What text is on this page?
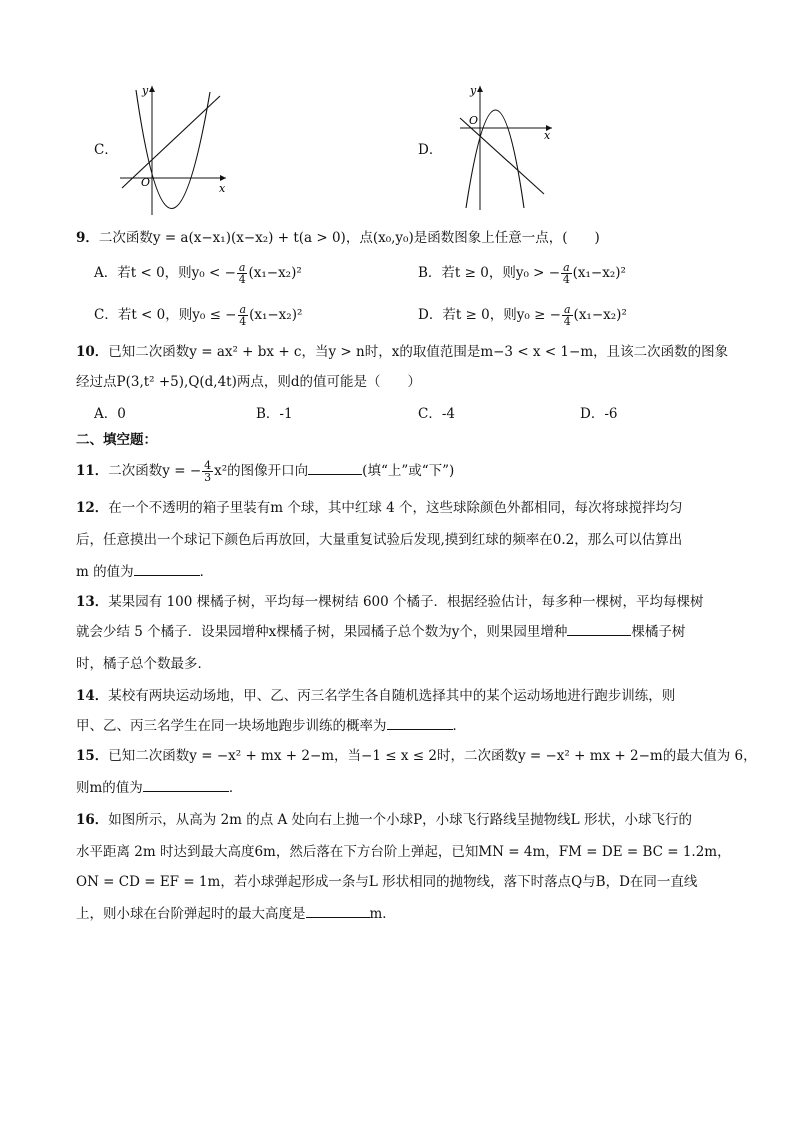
C．
x
y
O
D．
x
y
O
9．二次函数y = a(x−x₁)(x−x₂) + t(a > 0)，点(x₀,y₀)是函数图象上任意一点，(　　)
A．若t < 0，则y₀ < − $\frac{a}{4} (x_1-x_2)^2$	B．若t ≥ 0，则y₀ > − $\frac{a}{4} (x_1-x_2)^2$
C．若t < 0，则y₀ ≤ − $\frac{a}{4} (x_1-x_2)^2$	D．若t ≥ 0，则y₀ ≥ − $\frac{a}{4} (x_1-x_2)^2$
10．已知二次函数y = ax² + bx + c，当y > n时，x的取值范围是m−3 < x < 1−m，且该二次函数的图象
经过点P(3,t² +5),Q(d,4t)两点，则d的值可能是（　　）
A．0	B．-1	C．-4	D．-6
二、填空题：
11．二次函数y = − $\frac{4}{3} x^2$的图像开口向	(填“上”或“下”)
12．在一个不透明的箱子里装有m 个球，其中红球 4 个，这些球除颜色外都相同，每次将球搅拌均匀
后，任意摸出一个球记下颜色后再放回，大量重复试验后发现,摸到红球的频率在0.2，那么可以估算出
m 的值为	．
13．某果园有 100 棵橘子树，平均每一棵树结 600 个橘子．根据经验估计，每多种一棵树，平均每棵树
就会少结 5 个橘子．设果园增种x棵橘子树，果园橘子总个数为y个，则果园里增种	棵橘子树
时，橘子总个数最多．
14．某校有两块运动场地，甲、乙、丙三名学生各自随机选择其中的某个运动场地进行跑步训练，则
甲、乙、丙三名学生在同一块场地跑步训练的概率为	．
15．已知二次函数y = −x² + mx + 2−m，当−1 ≤ x ≤ 2时，二次函数y = −x² + mx + 2−m的最大值为 6，
则m的值为	．
16．如图所示，从高为 2m 的点 A 处向右上抛一个小球P，小球飞行路线呈抛物线L 形状，小球飞行的
水平距离 2m 时达到最大高度6m，然后落在下方台阶上弹起，已知MN = 4m，FM = DE = BC = 1.2m，
ON = CD = EF = 1m，若小球弹起形成一条与L 形状相同的抛物线，落下时落点Q与B，D在同一直线
上，则小球在台阶弹起时的最大高度是	m．
